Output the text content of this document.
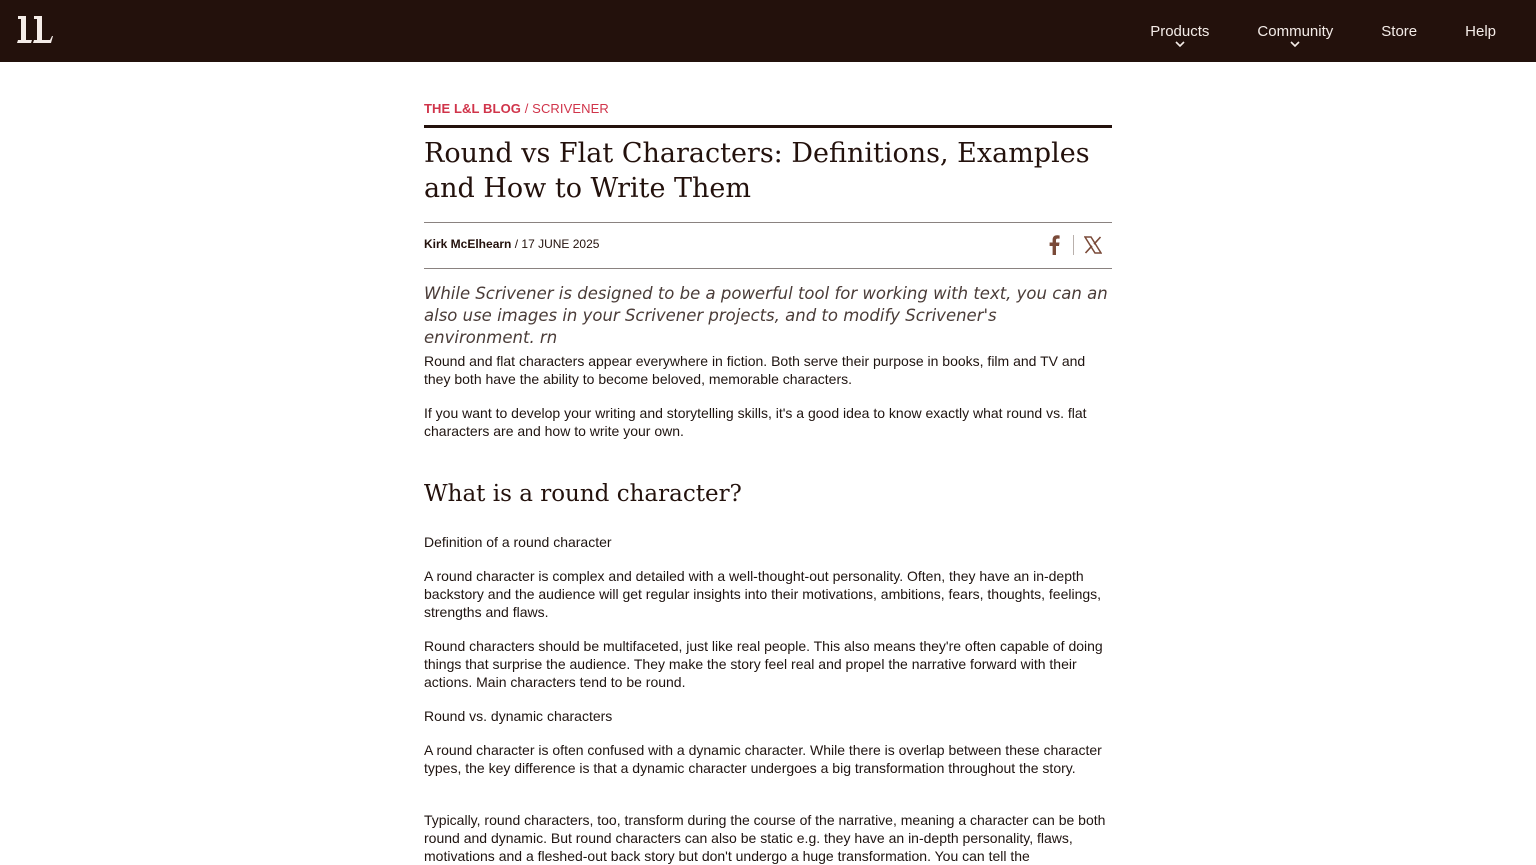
Products	Community	Store	Help
THE L&L BLOG / SCRIVENER
Round vs Flat Characters: Definitions, Examples and How to Write Them
Kirk McElhearn / 17 JUNE 2025

While Scrivener is designed to be a powerful tool for working with text, you can an also use images in your Scrivener projects, and to modify Scrivener's environment. rn

Round and flat characters appear everywhere in fiction. Both serve their purpose in books, film and TV and they both have the ability to become beloved, memorable characters.

If you want to develop your writing and storytelling skills, it's a good idea to know exactly what round vs. flat characters are and how to write your own.

What is a round character?

Definition of a round character

A round character is complex and detailed with a well-thought-out personality. Often, they have an in-depth backstory and the audience will get regular insights into their motivations, ambitions, fears, thoughts, feelings, strengths and flaws.

Round characters should be multifaceted, just like real people. This also means they're often capable of doing things that surprise the audience. They make the story feel real and propel the narrative forward with their actions. Main characters tend to be round.

Round vs. dynamic characters

A round character is often confused with a dynamic character. While there is overlap between these character types, the key difference is that a dynamic character undergoes a big transformation throughout the story.

Typically, round characters, too, transform during the course of the narrative, meaning a character can be both round and dynamic. But round characters can also be static e.g. they have an in-depth personality, flaws, motivations and a fleshed-out back story but don't undergo a huge transformation. You can tell the
